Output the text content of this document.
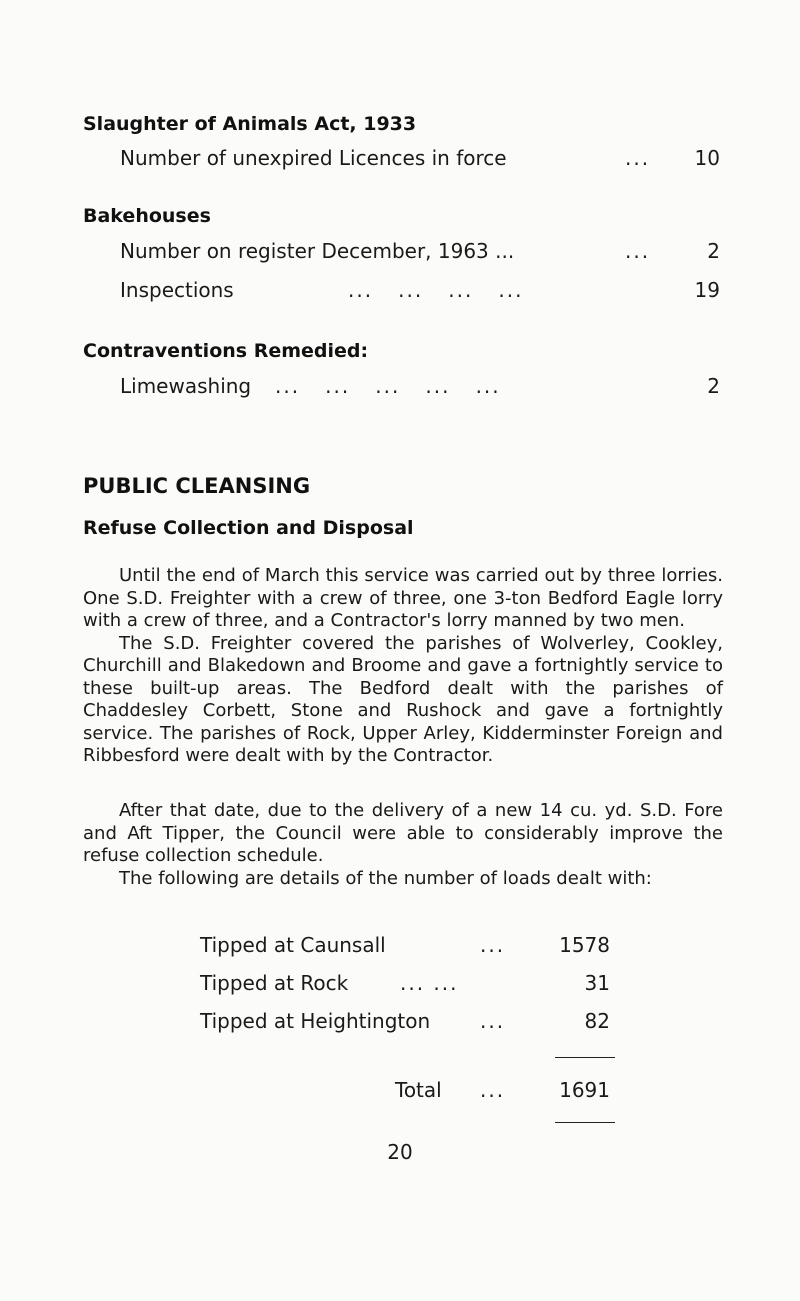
Slaughter of Animals Act, 1933
Number of unexpired Licences in force	... 10
Bakehouses
Number on register December, 1963 ...	...	2
Inspections	...   ...   ...   ...	19
Contraventions Remedied:
Limewashing ...   ...   ...   ...   ...	2
PUBLIC CLEANSING
Refuse Collection and Disposal

Until the end of March this service was carried out by three lorries. One S.D. Freighter with a crew of three, one 3-ton Bedford Eagle lorry with a crew of three, and a Contractor's lorry manned by two men.

The S.D. Freighter covered the parishes of Wolverley, Cookley, Churchill and Blakedown and Broome and gave a fortnightly service to these built-up areas. The Bedford dealt with the parishes of Chaddesley Corbett, Stone and Rushock and gave a fortnightly service. The parishes of Rock, Upper Arley, Kidderminster Foreign and Ribbesford were dealt with by the Contractor.

After that date, due to the delivery of a new 14 cu. yd. S.D. Fore and Aft Tipper, the Council were able to considerably improve the refuse collection schedule.

The following are details of the number of loads dealt with:

Tipped at Caunsall	...	1578
Tipped at Rock	... ...	31
Tipped at Heightington ...	82
Total ...	1691
20
